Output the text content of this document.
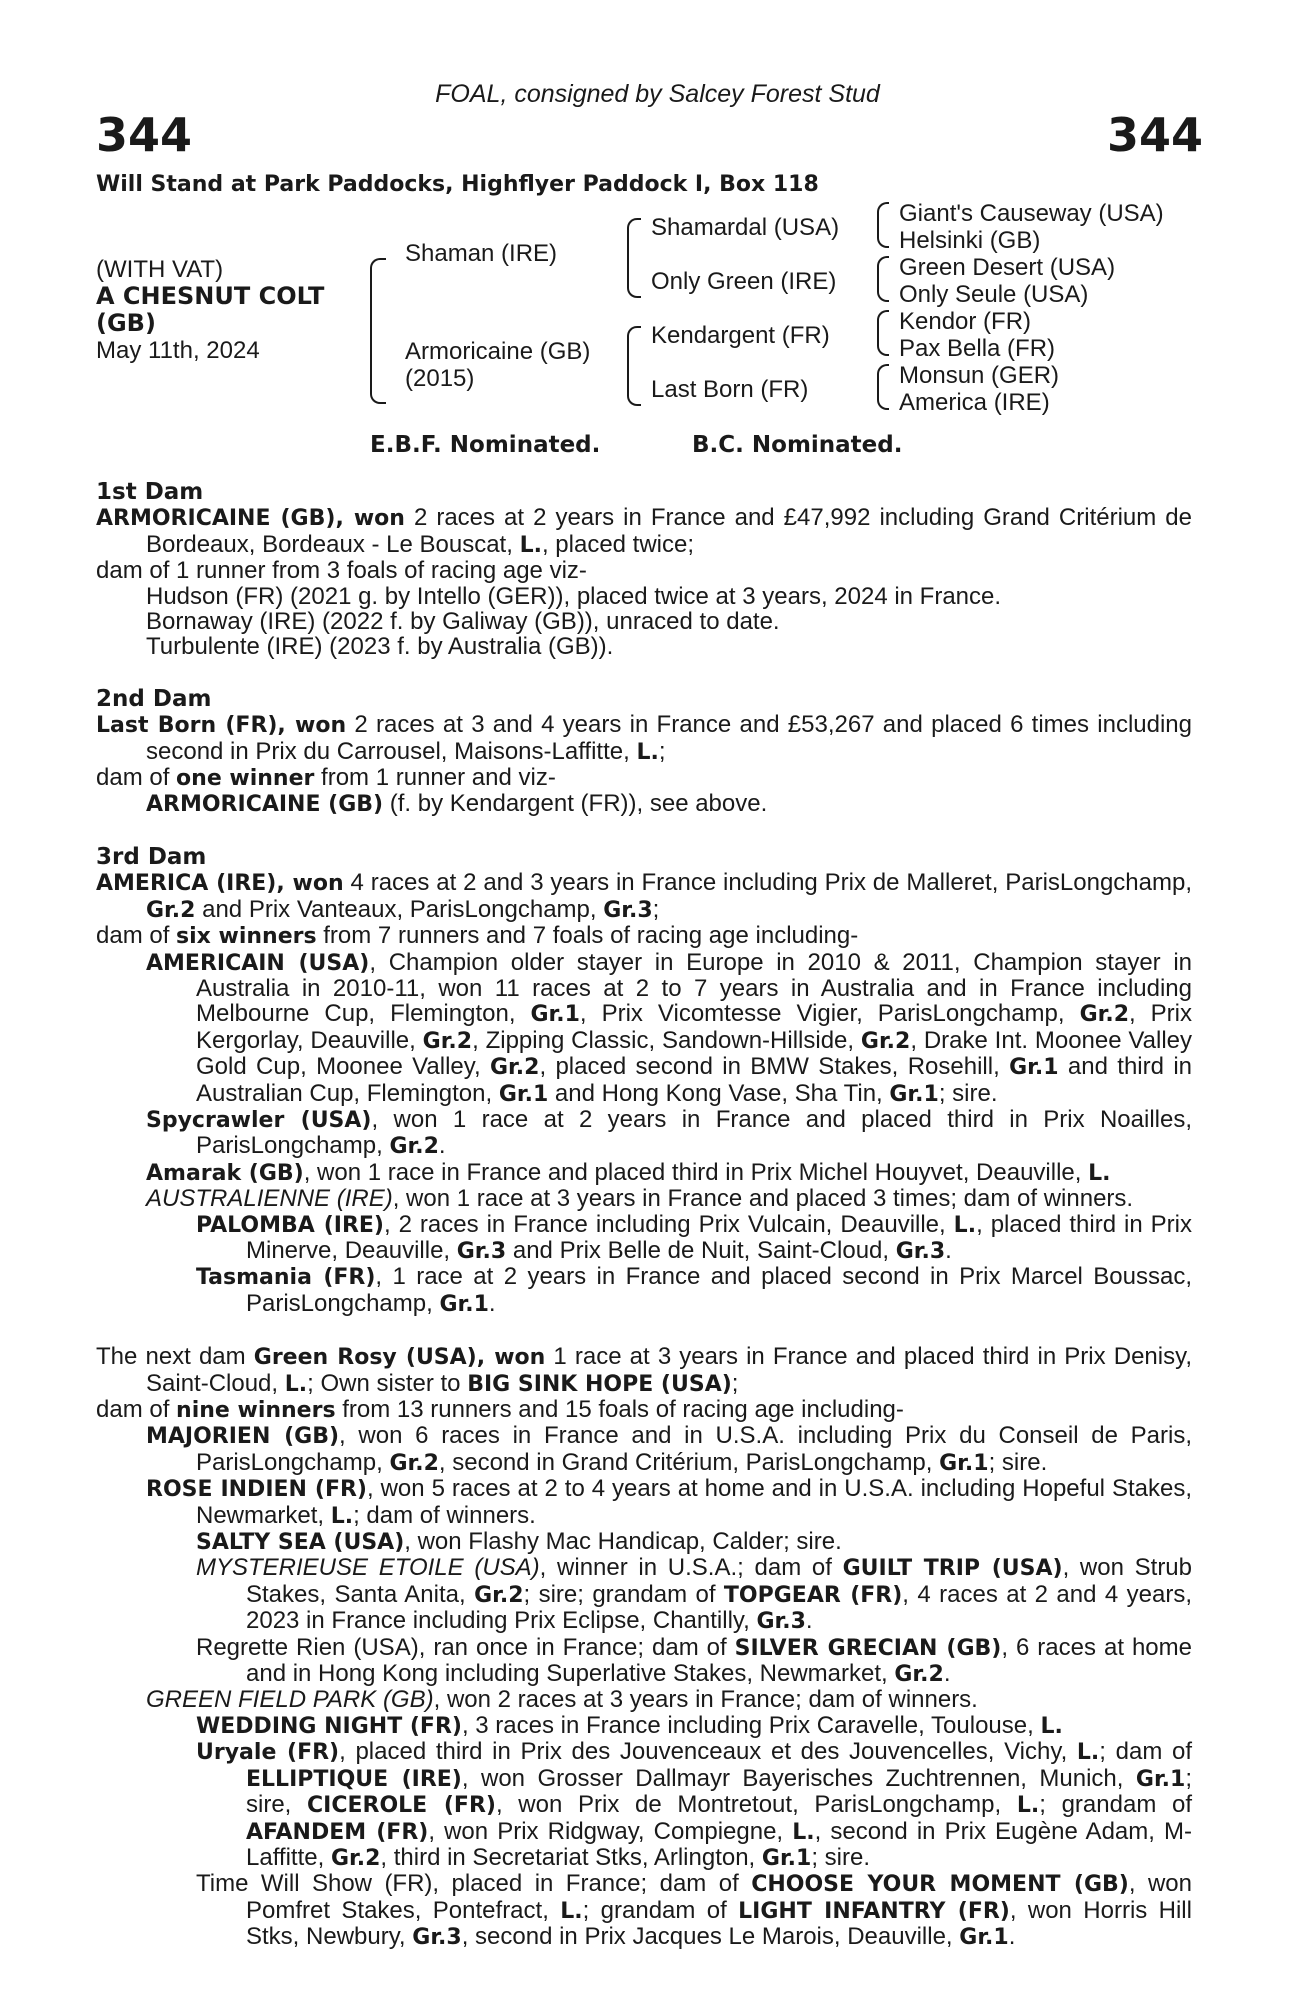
FOAL, consigned by Salcey Forest Stud
344	344
Will Stand at Park Paddocks, Highflyer Paddock I, Box 118
(WITH VAT)
A CHESNUT COLT
(GB)
May 11th, 2024
Shaman (IRE)
Armoricaine (GB)
(2015)
Shamardal (USA)
Only Green (IRE)
Kendargent (FR)
Last Born (FR)
Giant's Causeway (USA)
Helsinki (GB)
Green Desert (USA)
Only Seule (USA)
Kendor (FR)
Pax Bella (FR)
Monsun (GER)
America (IRE)
E.B.F. Nominated.	B.C. Nominated.
1st Dam
ARMORICAINE (GB), won 2 races at 2 years in France and £47,992 including Grand Critérium de Bordeaux, Bordeaux - Le Bouscat, L., placed twice;
dam of 1 runner from 3 foals of racing age viz-
Hudson (FR) (2021 g. by Intello (GER)), placed twice at 3 years, 2024 in France.
Bornaway (IRE) (2022 f. by Galiway (GB)), unraced to date.
Turbulente (IRE) (2023 f. by Australia (GB)).
2nd Dam
Last Born (FR), won 2 races at 3 and 4 years in France and £53,267 and placed 6 times including second in Prix du Carrousel, Maisons-Laffitte, L.;
dam of one winner from 1 runner and viz-
ARMORICAINE (GB) (f. by Kendargent (FR)), see above.
3rd Dam
AMERICA (IRE), won 4 races at 2 and 3 years in France including Prix de Malleret, ParisLongchamp, Gr.2 and Prix Vanteaux, ParisLongchamp, Gr.3;
dam of six winners from 7 runners and 7 foals of racing age including-
AMERICAIN (USA), Champion older stayer in Europe in 2010 & 2011, Champion stayer in Australia in 2010-11, won 11 races at 2 to 7 years in Australia and in France including Melbourne Cup, Flemington, Gr.1, Prix Vicomtesse Vigier, ParisLongchamp, Gr.2, Prix Kergorlay, Deauville, Gr.2, Zipping Classic, Sandown-Hillside, Gr.2, Drake Int. Moonee Valley Gold Cup, Moonee Valley, Gr.2, placed second in BMW Stakes, Rosehill, Gr.1 and third in Australian Cup, Flemington, Gr.1 and Hong Kong Vase, Sha Tin, Gr.1; sire.
Spycrawler (USA), won 1 race at 2 years in France and placed third in Prix Noailles, ParisLongchamp, Gr.2.
Amarak (GB), won 1 race in France and placed third in Prix Michel Houyvet, Deauville, L.
AUSTRALIENNE (IRE), won 1 race at 3 years in France and placed 3 times; dam of winners.
PALOMBA (IRE), 2 races in France including Prix Vulcain, Deauville, L., placed third in Prix Minerve, Deauville, Gr.3 and Prix Belle de Nuit, Saint-Cloud, Gr.3.
Tasmania (FR), 1 race at 2 years in France and placed second in Prix Marcel Boussac, ParisLongchamp, Gr.1.
The next dam Green Rosy (USA), won 1 race at 3 years in France and placed third in Prix Denisy, Saint-Cloud, L.; Own sister to BIG SINK HOPE (USA);
dam of nine winners from 13 runners and 15 foals of racing age including-
MAJORIEN (GB), won 6 races in France and in U.S.A. including Prix du Conseil de Paris, ParisLongchamp, Gr.2, second in Grand Critérium, ParisLongchamp, Gr.1; sire.
ROSE INDIEN (FR), won 5 races at 2 to 4 years at home and in U.S.A. including Hopeful Stakes, Newmarket, L.; dam of winners.
SALTY SEA (USA), won Flashy Mac Handicap, Calder; sire.
MYSTERIEUSE ETOILE (USA), winner in U.S.A.; dam of GUILT TRIP (USA), won Strub Stakes, Santa Anita, Gr.2; sire; grandam of TOPGEAR (FR), 4 races at 2 and 4 years, 2023 in France including Prix Eclipse, Chantilly, Gr.3.
Regrette Rien (USA), ran once in France; dam of SILVER GRECIAN (GB), 6 races at home and in Hong Kong including Superlative Stakes, Newmarket, Gr.2.
GREEN FIELD PARK (GB), won 2 races at 3 years in France; dam of winners.
WEDDING NIGHT (FR), 3 races in France including Prix Caravelle, Toulouse, L.
Uryale (FR), placed third in Prix des Jouvenceaux et des Jouvencelles, Vichy, L.; dam of ELLIPTIQUE (IRE), won Grosser Dallmayr Bayerisches Zuchtrennen, Munich, Gr.1; sire, CICEROLE (FR), won Prix de Montretout, ParisLongchamp, L.; grandam of AFANDEM (FR), won Prix Ridgway, Compiegne, L., second in Prix Eugène Adam, M-Laffitte, Gr.2, third in Secretariat Stks, Arlington, Gr.1; sire.
Time Will Show (FR), placed in France; dam of CHOOSE YOUR MOMENT (GB), won Pomfret Stakes, Pontefract, L.; grandam of LIGHT INFANTRY (FR), won Horris Hill Stks, Newbury, Gr.3, second in Prix Jacques Le Marois, Deauville, Gr.1.
